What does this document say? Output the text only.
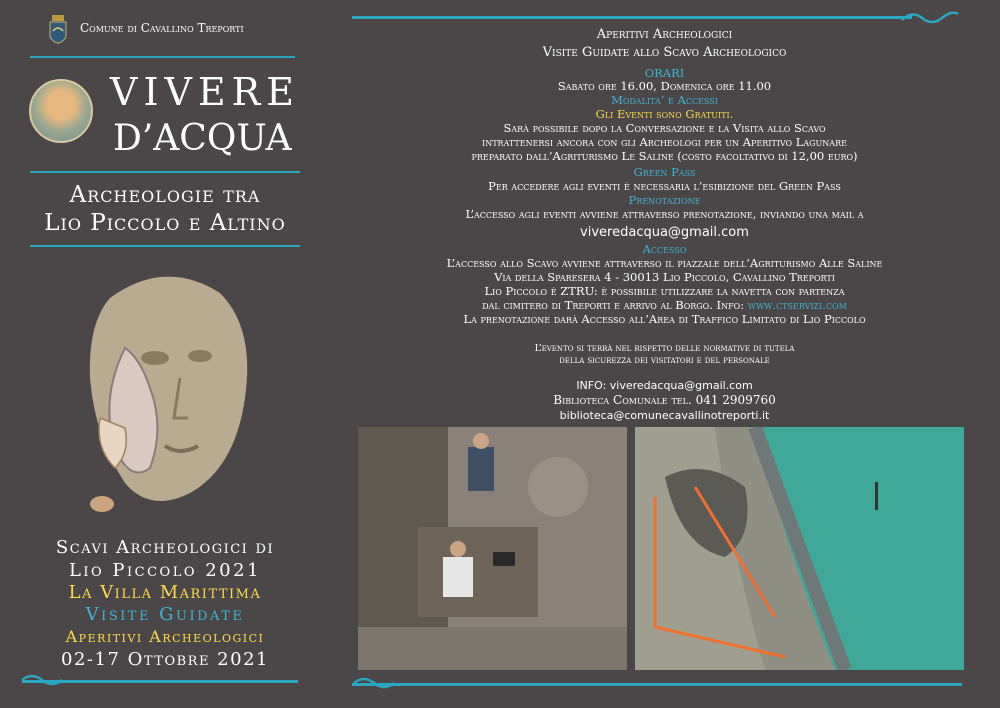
Comune di Cavallino Treporti
VIVERE
D’ACQUA
Archeologie tra
Lio Piccolo e Altino
Scavi Archeologici di
Lio Piccolo 2021
La Villa Marittima
Visite Guidate
Aperitivi Archeologici
02-17 Ottobre 2021
Aperitivi Archeologici
Visite Guidate allo Scavo Archeologico
ORARI
Sabato ore 16.00, Domenica ore 11.00
Modalita’ e Accessi
Gli Eventi sono Gratuiti.
Sarà possibile dopo la Conversazione e la Visita allo Scavo
intrattenersi ancora con gli Archeologi per un Aperitivo Lagunare
preparato dall’Agriturismo Le Saline (costo facoltativo di 12,00 euro)
Green Pass
Per accedere agli eventi è necessaria l’esibizione del Green Pass
Prenotazione
L’accesso agli eventi avviene attraverso prenotazione, inviando una mail a
viveredacqua@gmail.com
Accesso
L’accesso allo Scavo avviene attraverso il piazzale dell’Agriturismo Alle Saline
Via della Sparesera 4 - 30013 Lio Piccolo, Cavallino Treporti
Lio Piccolo è ZTRU: è possibile utilizzare la navetta con partenza
dal cimitero di Treporti e arrivo al Borgo. Info: www.ctservizi.com
La prenotazione darà Accesso all’Area di Traffico Limitato di Lio Piccolo
L’evento si terrà nel rispetto delle normative di tutela
della sicurezza dei visitatori e del personale
INFO: viveredacqua@gmail.com
Biblioteca Comunale tel. 041 2909760
biblioteca@comunecavallinotreporti.it
